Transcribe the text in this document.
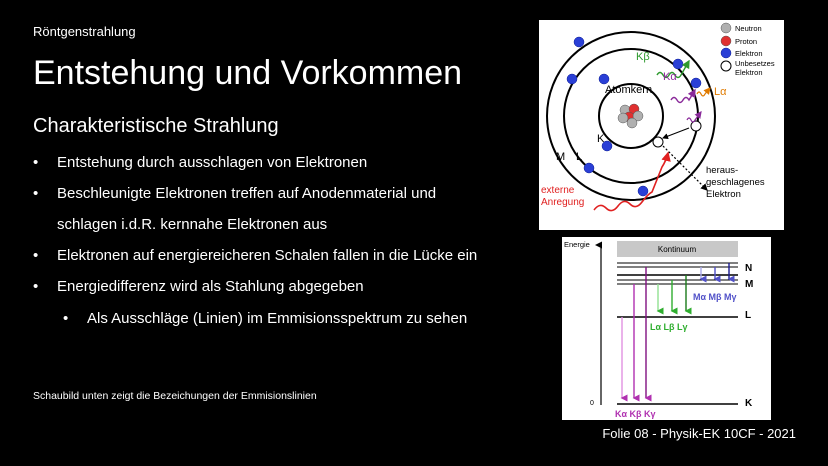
Röntgenstrahlung
Entstehung und Vorkommen
Charakteristische Strahlung
• Entstehung durch ausschlagen von Elektronen
• Beschleunigte Elektronen treffen auf Anodenmaterial und
schlagen i.d.R. kernnahe Elektronen aus
• Elektronen auf energiereicheren Schalen fallen in die Lücke ein
• Energiedifferenz wird als Stahlung abgegeben
• Als Ausschläge (Linien) im Emmisionsspektrum zu sehen
Schaubild unten zeigt die Bezeichungen der Emmisionslinien
Folie 08 - Physik-EK 10CF - 2021
Atomkern
K
L
M
externe
Anregung
heraus-
geschlagenes
Elektron
Kβ
Kα
Lα
Neutron
Proton
Elektron
Unbesetzes
Elektron
Energie
0
Kontinuum
N
M
L
K
Mα Mβ Mγ
Lα Lβ Lγ
Kα Kβ Kγ
